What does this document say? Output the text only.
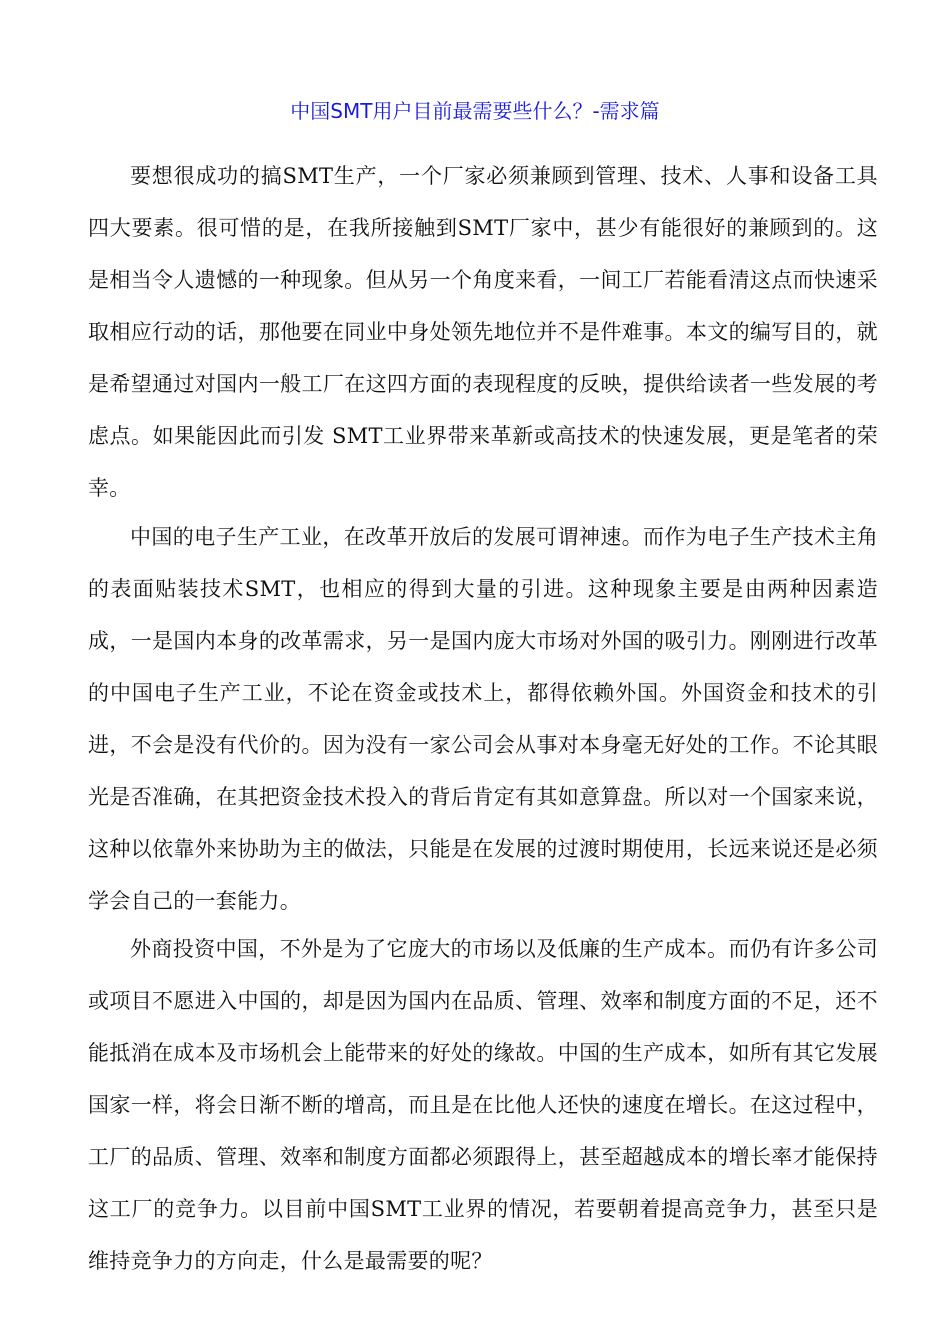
中国SMT用户目前最需要些什么？-需求篇

要想很成功的搞SMT生产，一个厂家必须兼顾到管理、技术、人事和设备工具四大要素。很可惜的是，在我所接触到SMT厂家中，甚少有能很好的兼顾到的。这是相当令人遗憾的一种现象。但从另一个角度来看，一间工厂若能看清这点而快速采取相应行动的话，那他要在同业中身处领先地位并不是件难事。本文的编写目的，就是希望通过对国内一般工厂在这四方面的表现程度的反映，提供给读者一些发展的考虑点。如果能因此而引发 SMT工业界带来革新或高技术的快速发展，更是笔者的荣幸。

中国的电子生产工业，在改革开放后的发展可谓神速。而作为电子生产技术主角的表面贴装技术SMT，也相应的得到大量的引进。这种现象主要是由两种因素造成，一是国内本身的改革需求，另一是国内庞大市场对外国的吸引力。刚刚进行改革的中国电子生产工业，不论在资金或技术上，都得依赖外国。外国资金和技术的引进，不会是没有代价的。因为没有一家公司会从事对本身毫无好处的工作。不论其眼光是否准确，在其把资金技术投入的背后肯定有其如意算盘。所以对一个国家来说，这种以依靠外来协助为主的做法，只能是在发展的过渡时期使用，长远来说还是必须学会自己的一套能力。

外商投资中国，不外是为了它庞大的市场以及低廉的生产成本。而仍有许多公司或项目不愿进入中国的，却是因为国内在品质、管理、效率和制度方面的不足，还不能抵消在成本及市场机会上能带来的好处的缘故。中国的生产成本，如所有其它发展国家一样，将会日渐不断的增高，而且是在比他人还快的速度在增长。在这过程中，工厂的品质、管理、效率和制度方面都必须跟得上，甚至超越成本的增长率才能保持这工厂的竞争力。以目前中国SMT工业界的情况，若要朝着提高竞争力，甚至只是维持竞争力的方向走，什么是最需要的呢？
